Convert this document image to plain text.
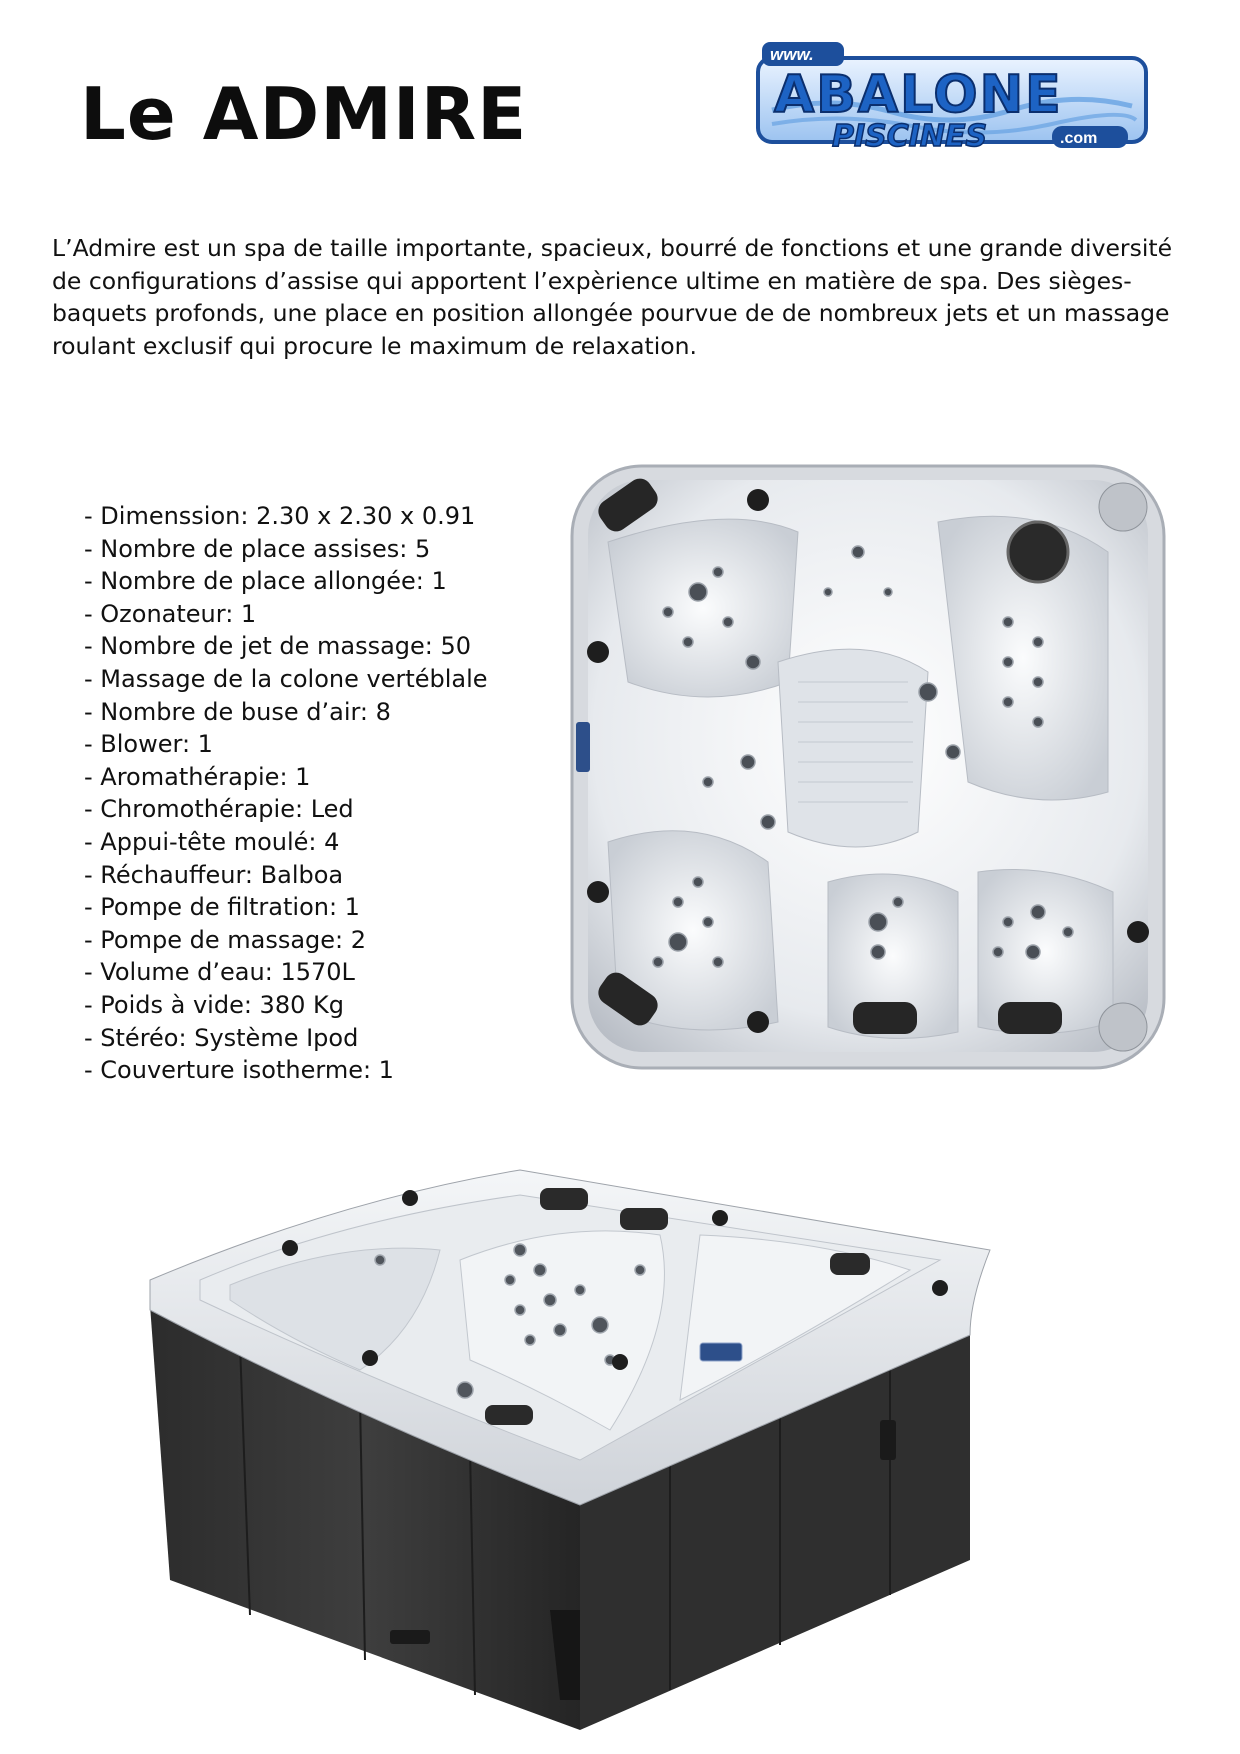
Le ADMIRE
www.
ABALONE
PISCINES	.com

L’Admire est un spa de taille importante, spacieux, bourré de fonctions et une grande diversité de configurations d’assise qui apportent l’expèrience ultime en matière de spa. Des sièges-baquets profonds, une place en position allongée pourvue de de nombreux jets et un massage roulant exclusif qui procure le maximum de relaxation.

- Dimenssion: 2.30 x 2.30 x 0.91
- Nombre de place assises: 5
- Nombre de place allongée: 1
- Ozonateur: 1
- Nombre de jet de massage: 50
- Massage de la colone vertéblale
- Nombre de buse d’air: 8
- Blower: 1
- Aromathérapie: 1
- Chromothérapie: Led
- Appui-tête moulé: 4
- Réchauffeur: Balboa
- Pompe de filtration: 1
- Pompe de massage: 2
- Volume d’eau: 1570L
- Poids à vide: 380 Kg
- Stéréo: Système Ipod
- Couverture isotherme: 1
